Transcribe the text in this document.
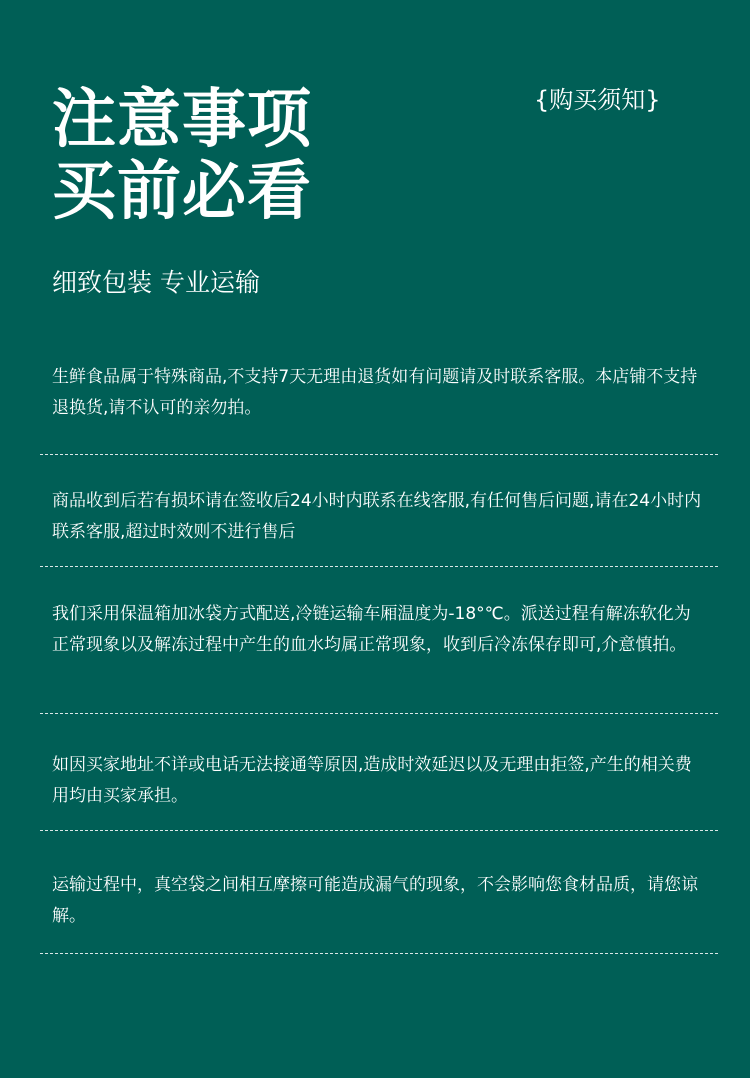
注意事项
买前必看
{购买须知}
细致包装 专业运输

生鲜食品属于特殊商品,不支持7天无理由退货如有问题请及时联系客服。本店铺不支持退换货,请不认可的亲勿拍。

商品收到后若有损坏请在签收后24小时内联系在线客服,有任何售后问题,请在24小时内联系客服,超过时效则不进行售后

我们采用保温箱加冰袋方式配送,冷链运输车厢温度为-18°℃。派送过程有解冻软化为正常现象以及解冻过程中产生的血水均属正常现象，收到后冷冻保存即可,介意慎拍。

如因买家地址不详或电话无法接通等原因,造成时效延迟以及无理由拒签,产生的相关费用均由买家承担。

运输过程中，真空袋之间相互摩擦可能造成漏气的现象，不会影响您食材品质，请您谅解。
